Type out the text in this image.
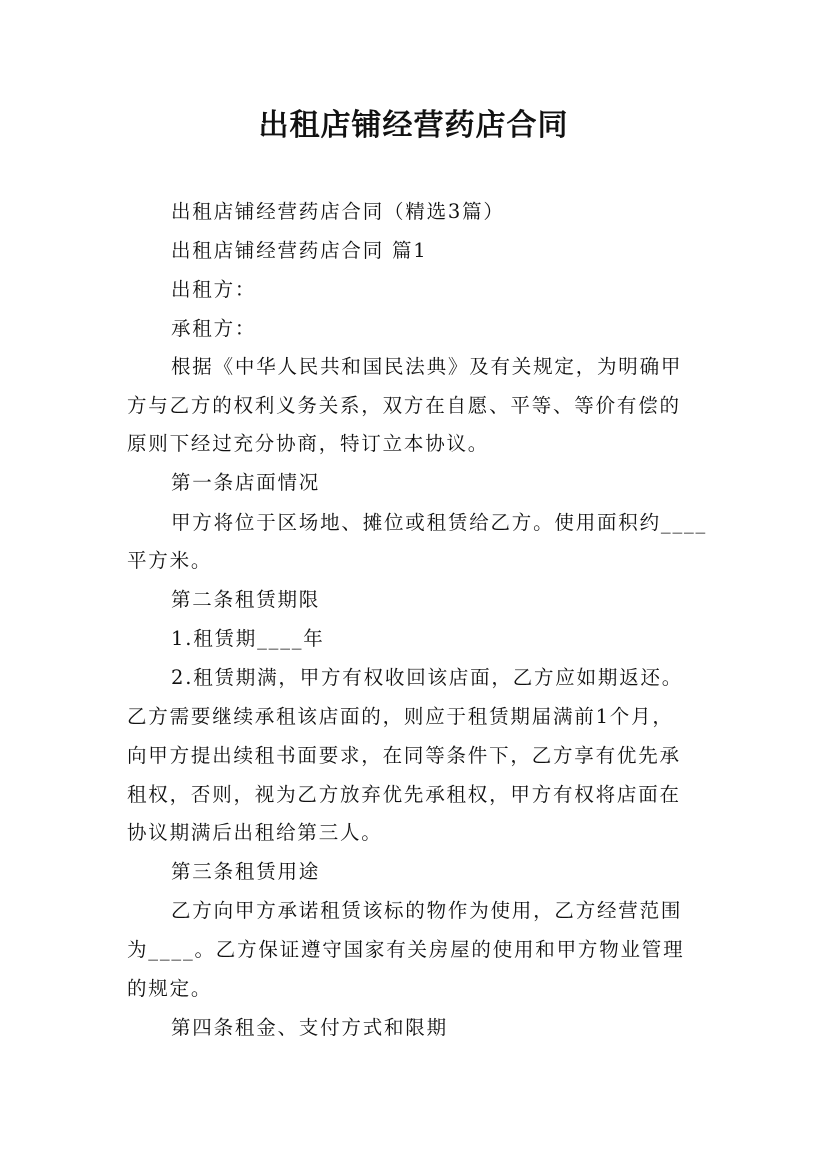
出租店铺经营药店合同
出租店铺经营药店合同（精选3篇）
出租店铺经营药店合同 篇1
出租方：
承租方：
根据《中华人民共和国民法典》及有关规定，为明确甲
方与乙方的权利义务关系，双方在自愿、平等、等价有偿的
原则下经过充分协商，特订立本协议。
第一条店面情况
甲方将位于区场地、摊位或租赁给乙方。使用面积约____
平方米。
第二条租赁期限
1.租赁期____年
2.租赁期满，甲方有权收回该店面，乙方应如期返还。
乙方需要继续承租该店面的，则应于租赁期届满前1个月，
向甲方提出续租书面要求，在同等条件下，乙方享有优先承
租权，否则，视为乙方放弃优先承租权，甲方有权将店面在
协议期满后出租给第三人。
第三条租赁用途
乙方向甲方承诺租赁该标的物作为使用，乙方经营范围
为____。乙方保证遵守国家有关房屋的使用和甲方物业管理
的规定。
第四条租金、支付方式和限期
